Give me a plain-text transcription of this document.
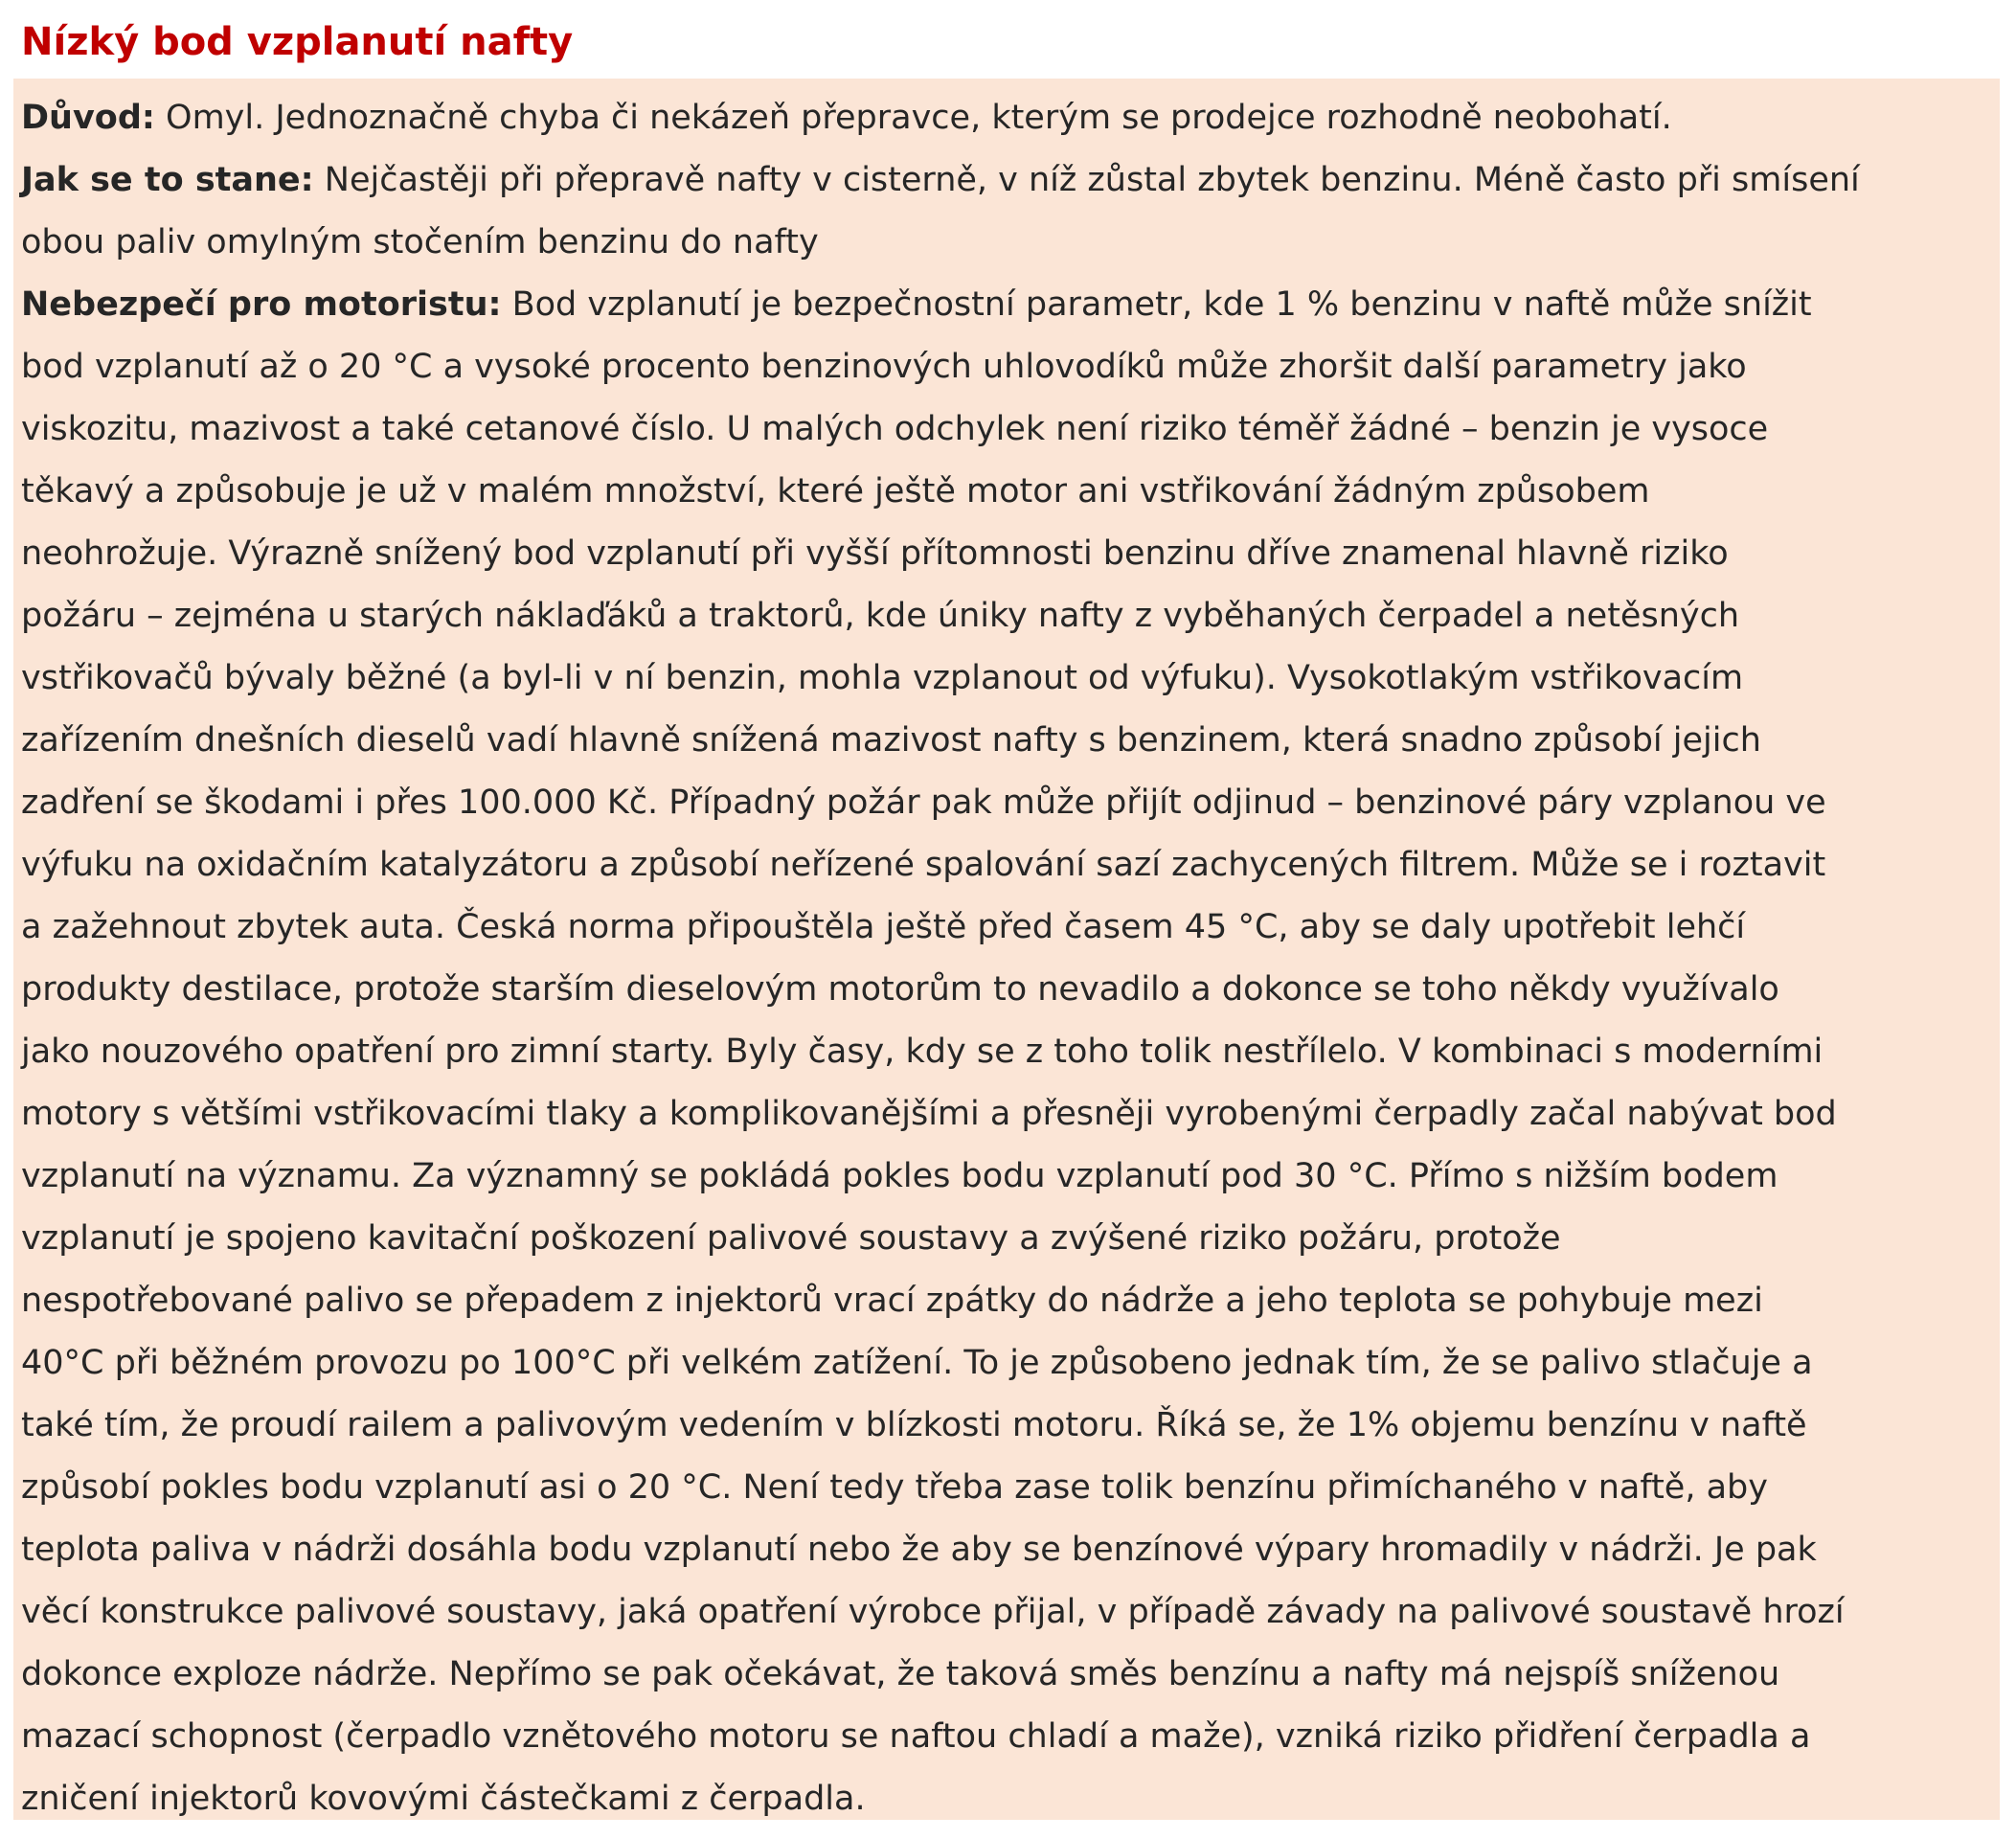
Nízký bod vzplanutí nafty
Důvod: Omyl. Jednoznačně chyba či nekázeň přepravce, kterým se prodejce rozhodně neobohatí.
Jak se to stane: Nejčastěji při přepravě nafty v cisterně, v níž zůstal zbytek benzinu. Méně často při smísení
obou paliv omylným stočením benzinu do nafty
Nebezpečí pro motoristu: Bod vzplanutí je bezpečnostní parametr, kde 1 % benzinu v naftě může snížit
bod vzplanutí až o 20 °C a vysoké procento benzinových uhlovodíků může zhoršit další parametry jako
viskozitu, mazivost a také cetanové číslo. U malých odchylek není riziko téměř žádné – benzin je vysoce
těkavý a způsobuje je už v malém množství, které ještě motor ani vstřikování žádným způsobem
neohrožuje. Výrazně snížený bod vzplanutí při vyšší přítomnosti benzinu dříve znamenal hlavně riziko
požáru – zejména u starých náklaďáků a traktorů, kde úniky nafty z vyběhaných čerpadel a netěsných
vstřikovačů bývaly běžné (a byl-li v ní benzin, mohla vzplanout od výfuku). Vysokotlakým vstřikovacím
zařízením dnešních dieselů vadí hlavně snížená mazivost nafty s benzinem, která snadno způsobí jejich
zadření se škodami i přes 100.000 Kč. Případný požár pak může přijít odjinud – benzinové páry vzplanou ve
výfuku na oxidačním katalyzátoru a způsobí neřízené spalování sazí zachycených filtrem. Může se i roztavit
a zažehnout zbytek auta. Česká norma připouštěla ještě před časem 45 °C, aby se daly upotřebit lehčí
produkty destilace, protože starším dieselovým motorům to nevadilo a dokonce se toho někdy využívalo
jako nouzového opatření pro zimní starty. Byly časy, kdy se z toho tolik nestřílelo. V kombinaci s moderními
motory s většími vstřikovacími tlaky a komplikovanějšími a přesněji vyrobenými čerpadly začal nabývat bod
vzplanutí na významu. Za významný se pokládá pokles bodu vzplanutí pod 30 °C. Přímo s nižším bodem
vzplanutí je spojeno kavitační poškození palivové soustavy a zvýšené riziko požáru, protože
nespotřebované palivo se přepadem z injektorů vrací zpátky do nádrže a jeho teplota se pohybuje mezi
40°C při běžném provozu po 100°C při velkém zatížení. To je způsobeno jednak tím, že se palivo stlačuje a
také tím, že proudí railem a palivovým vedením v blízkosti motoru. Říká se, že 1% objemu benzínu v naftě
způsobí pokles bodu vzplanutí asi o 20 °C. Není tedy třeba zase tolik benzínu přimíchaného v naftě, aby
teplota paliva v nádrži dosáhla bodu vzplanutí nebo že aby se benzínové výpary hromadily v nádrži. Je pak
věcí konstrukce palivové soustavy, jaká opatření výrobce přijal, v případě závady na palivové soustavě hrozí
dokonce exploze nádrže. Nepřímo se pak očekávat, že taková směs benzínu a nafty má nejspíš sníženou
mazací schopnost (čerpadlo vznětového motoru se naftou chladí a maže), vzniká riziko přidření čerpadla a
zničení injektorů kovovými částečkami z čerpadla.
